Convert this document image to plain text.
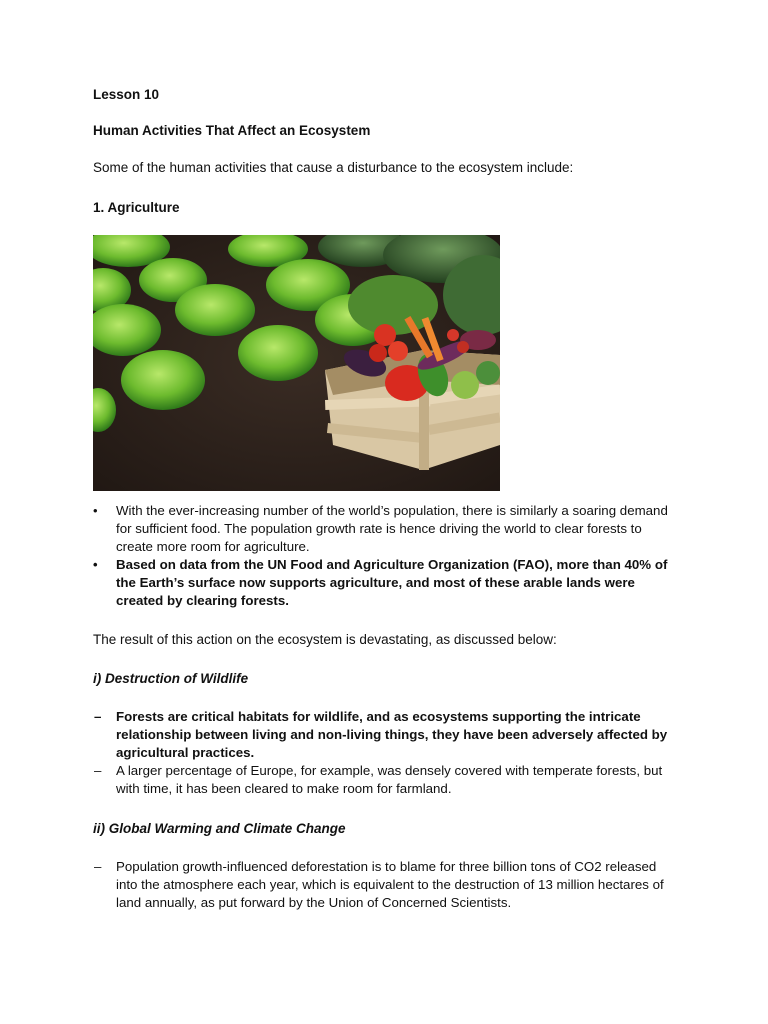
Lesson 10

Human Activities That Affect an Ecosystem

Some of the human activities that cause a disturbance to the ecosystem include:

1. Agriculture

• With the ever-increasing number of the world’s population, there is similarly a soaring demand for sufficient food. The population growth rate is hence driving the world to clear forests to create more room for agriculture.
• Based on data from the UN Food and Agriculture Organization (FAO), more than 40% of the Earth’s surface now supports agriculture, and most of these arable lands were created by clearing forests.

The result of this action on the ecosystem is devastating, as discussed below:

i) Destruction of Wildlife

– Forests are critical habitats for wildlife, and as ecosystems supporting the intricate relationship between living and non-living things, they have been adversely affected by agricultural practices.
– A larger percentage of Europe, for example, was densely covered with temperate forests, but with time, it has been cleared to make room for farmland.

ii) Global Warming and Climate Change

– Population growth-influenced deforestation is to blame for three billion tons of CO2 released into the atmosphere each year, which is equivalent to the destruction of 13 million hectares of land annually, as put forward by the Union of Concerned Scientists.
